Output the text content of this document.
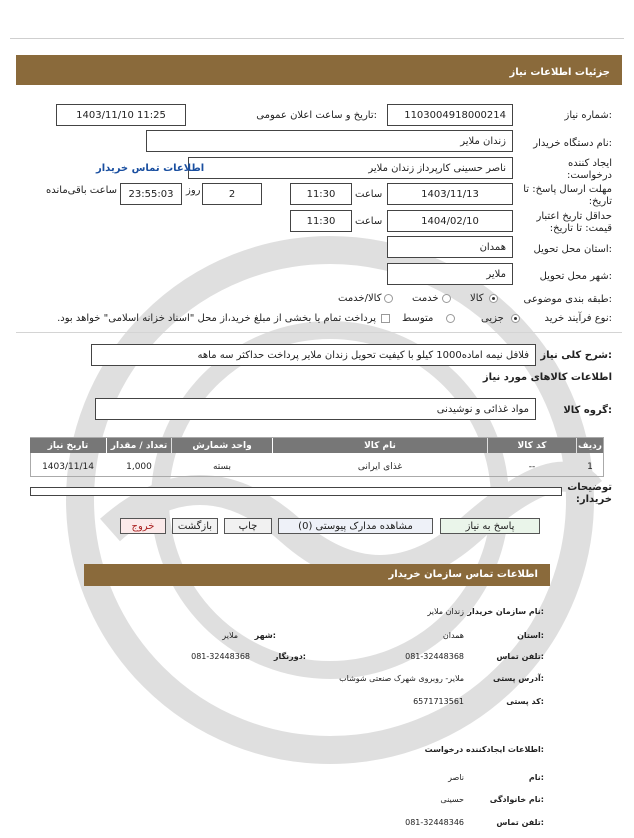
جزئیات اطلاعات نیاز
شماره نیاز:
1103004918000214
تاریخ و ساعت اعلان عمومی:
1403/11/10 11:25
نام دستگاه خریدار:
زندان ملایر
ایجاد کننده درخواست:
ناصر حسینی کارپرداز زندان ملایر
اطلاعات تماس خریدار
مهلت ارسال پاسخ: تا تاریخ:
1403/11/13
ساعت
11:30
2
روز
23:55:03
ساعت باقی‌مانده
حداقل تاریخ اعتبار قیمت: تا تاریخ:
1404/02/10
ساعت
11:30
استان محل تحویل:
همدان
شهر محل تحویل:
ملایر
طبقه بندی موضوعی:
کالا
خدمت
کالا/خدمت
نوع فرآیند خرید:
جزیی
متوسط
پرداخت تمام یا بخشی از مبلغ خرید،از محل "اسناد خزانه اسلامی" خواهد بود.
شرح کلی نیاز:
فلافل نیمه اماده1000 کیلو با کیفیت تحویل زندان ملایر پرداخت حداکثر سه ماهه
اطلاعات کالاهای مورد نیاز
گروه کالا:
مواد غذائی و نوشیدنی
ردیف
کد کالا
نام کالا
واحد شمارش
تعداد / مقدار
تاریخ نیاز
1
--
غذای ایرانی
بسته
1,000
1403/11/14
توضیحات خریدار:
پاسخ به نیاز
مشاهده مدارک پیوستی (0)
چاپ
بازگشت
خروج
اطلاعات تماس سازمان خریدار
نام سازمان خریدار:
زندان ملایر
استان:
همدان
شهر:
ملایر
تلفن تماس:
081-32448368
دورنگار:
081-32448368
آدرس پستی:
ملایر- روبروی شهرک صنعتی شوشاب
کد پستی:
6571713561
اطلاعات ایجادکننده درخواست:
نام:
ناصر
نام خانوادگی:
حسینی
تلفن تماس:
081-32448346
